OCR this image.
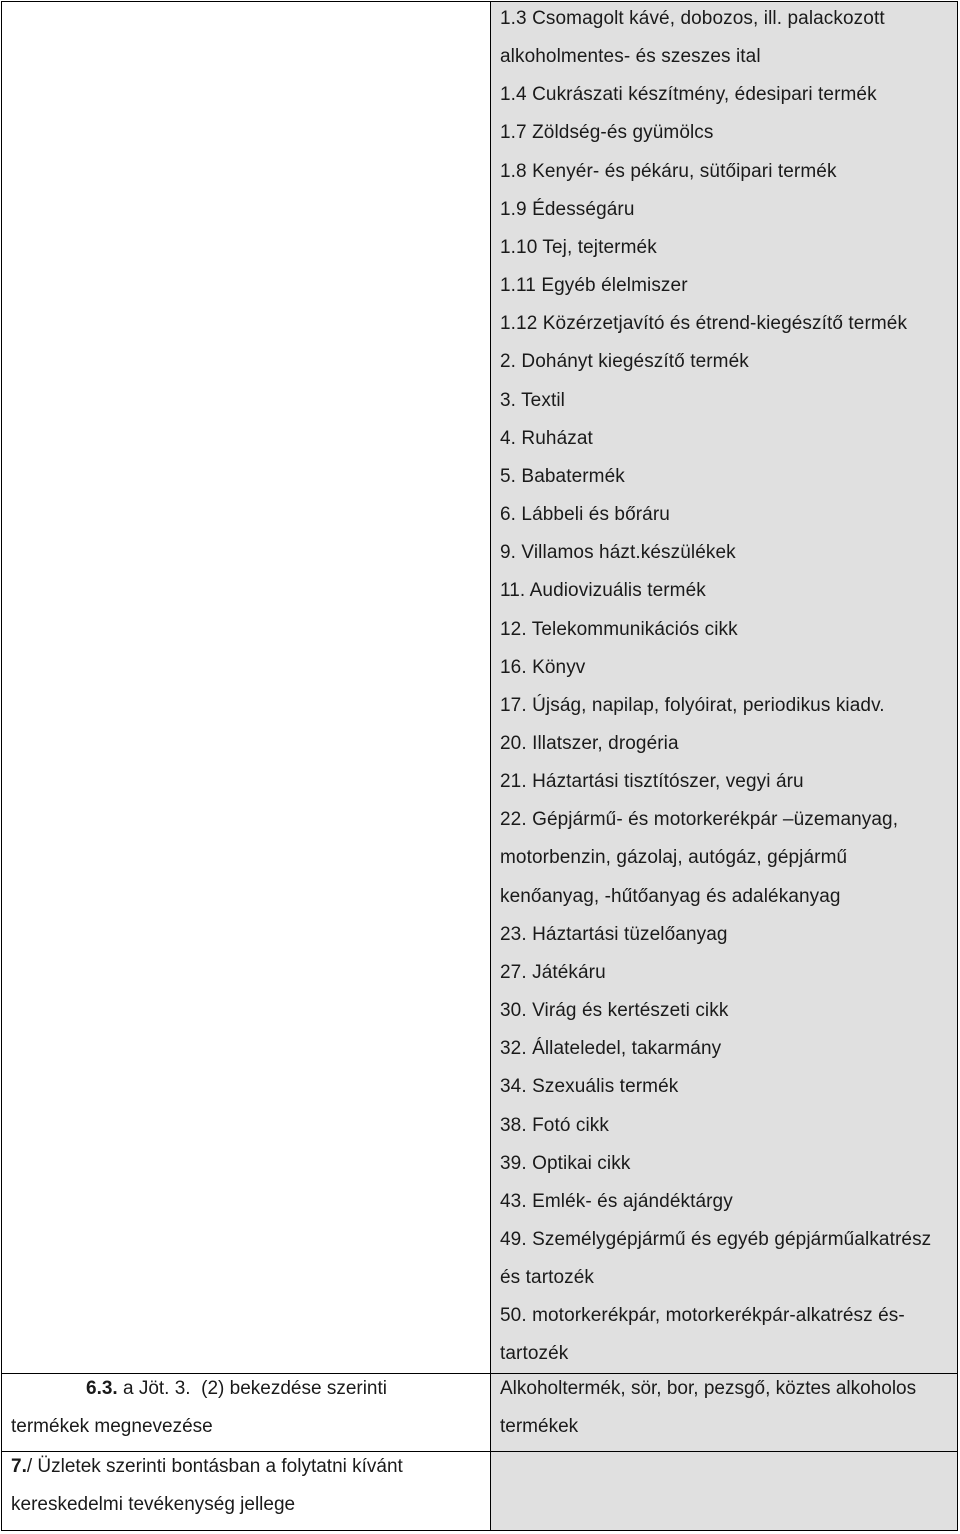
1.3 Csomagolt kávé, dobozos, ill. palackozott
alkoholmentes- és szeszes ital
1.4 Cukrászati készítmény, édesipari termék
1.7 Zöldség-és gyümölcs
1.8 Kenyér- és pékáru, sütőipari termék
1.9 Édességáru
1.10 Tej, tejtermék
1.11 Egyéb élelmiszer
1.12 Közérzetjavító és étrend-kiegészítő termék
2. Dohányt kiegészítő termék
3. Textil
4. Ruházat
5. Babatermék
6. Lábbeli és bőráru
9. Villamos házt.készülékek
11. Audiovizuális termék
12. Telekommunikációs cikk
16. Könyv
17. Újság, napilap, folyóirat, periodikus kiadv.
20. Illatszer, drogéria
21. Háztartási tisztítószer, vegyi áru
22. Gépjármű- és motorkerékpár –üzemanyag,
motorbenzin, gázolaj, autógáz, gépjármű
kenőanyag, -hűtőanyag és adalékanyag
23. Háztartási tüzelőanyag
27. Játékáru
30. Virág és kertészeti cikk
32. Állateledel, takarmány
34. Szexuális termék
38. Fotó cikk
39. Optikai cikk
43. Emlék- és ajándéktárgy
49. Személygépjármű és egyéb gépjárműalkatrész
és tartozék
50. motorkerékpár, motorkerékpár-alkatrész és-
tartozék
6.3. a Jöt. 3.  (2) bekezdése szerinti
termékek megnevezése
Alkoholtermék, sör, bor, pezsgő, köztes alkoholos
termékek
7./ Üzletek szerinti bontásban a folytatni kívánt
kereskedelmi tevékenység jellege
